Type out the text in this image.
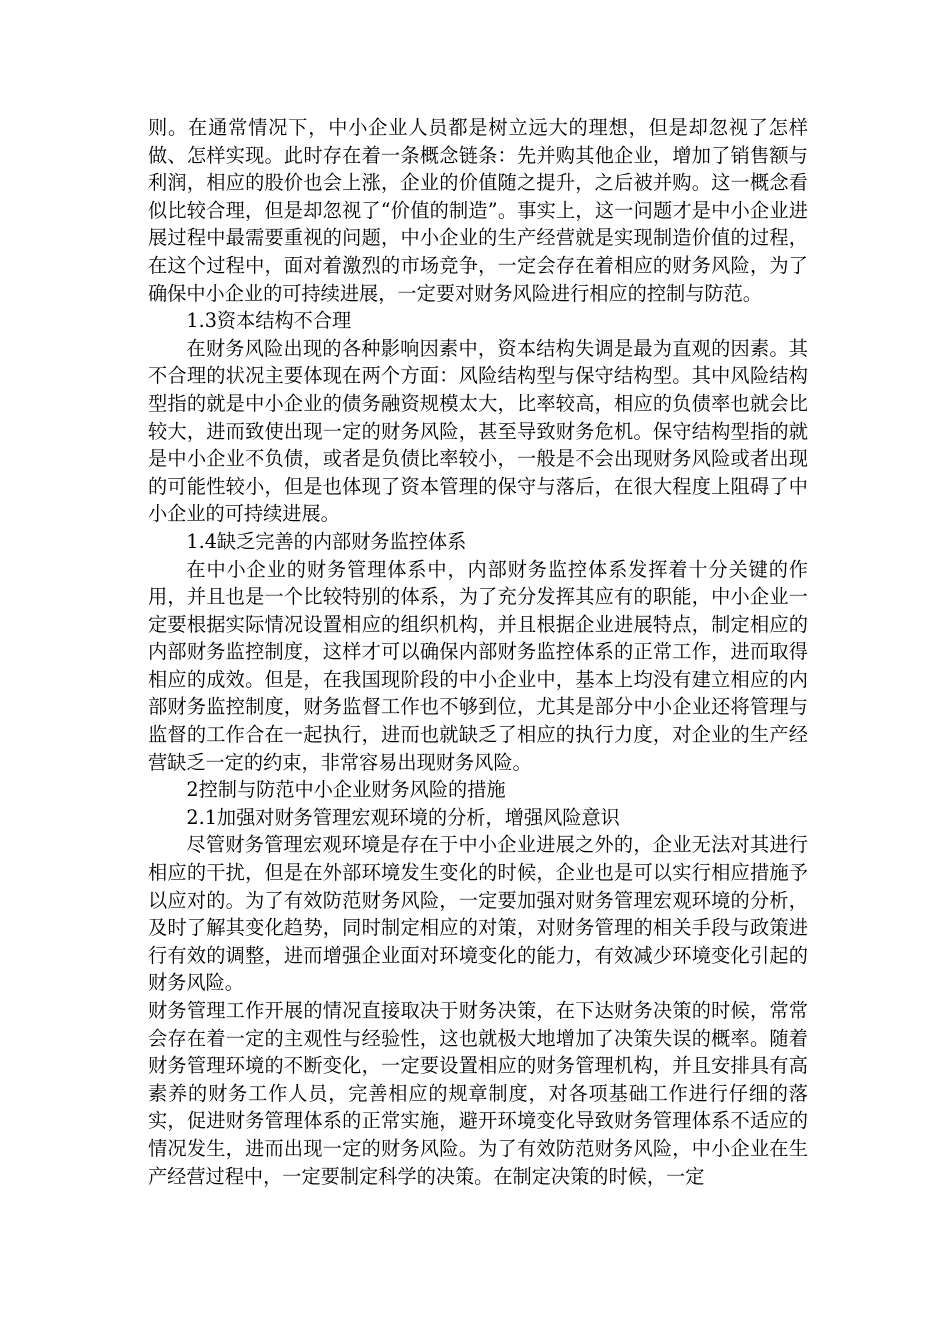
则。在通常情况下，中小企业人员都是树立远大的理想，但是却忽视了怎样做、怎样实现。此时存在着一条概念链条：先并购其他企业，增加了销售额与利润，相应的股价也会上涨，企业的价值随之提升，之后被并购。这一概念看似比较合理，但是却忽视了“价值的制造”。事实上，这一问题才是中小企业进展过程中最需要重视的问题，中小企业的生产经营就是实现制造价值的过程，在这个过程中，面对着激烈的市场竞争，一定会存在着相应的财务风险，为了确保中小企业的可持续进展，一定要对财务风险进行相应的控制与防范。

1.3资本结构不合理

在财务风险出现的各种影响因素中，资本结构失调是最为直观的因素。其不合理的状况主要体现在两个方面：风险结构型与保守结构型。其中风险结构型指的就是中小企业的债务融资规模太大，比率较高，相应的负债率也就会比较大，进而致使出现一定的财务风险，甚至导致财务危机。保守结构型指的就是中小企业不负债，或者是负债比率较小，一般是不会出现财务风险或者出现的可能性较小，但是也体现了资本管理的保守与落后，在很大程度上阻碍了中小企业的可持续进展。

1.4缺乏完善的内部财务监控体系

在中小企业的财务管理体系中，内部财务监控体系发挥着十分关键的作用，并且也是一个比较特别的体系，为了充分发挥其应有的职能，中小企业一定要根据实际情况设置相应的组织机构，并且根据企业进展特点，制定相应的内部财务监控制度，这样才可以确保内部财务监控体系的正常工作，进而取得相应的成效。但是，在我国现阶段的中小企业中，基本上均没有建立相应的内部财务监控制度，财务监督工作也不够到位，尤其是部分中小企业还将管理与监督的工作合在一起执行，进而也就缺乏了相应的执行力度，对企业的生产经营缺乏一定的约束，非常容易出现财务风险。

2控制与防范中小企业财务风险的措施

2.1加强对财务管理宏观环境的分析，增强风险意识

尽管财务管理宏观环境是存在于中小企业进展之外的，企业无法对其进行相应的干扰，但是在外部环境发生变化的时候，企业也是可以实行相应措施予以应对的。为了有效防范财务风险，一定要加强对财务管理宏观环境的分析，及时了解其变化趋势，同时制定相应的对策，对财务管理的相关手段与政策进行有效的调整，进而增强企业面对环境变化的能力，有效减少环境变化引起的财务风险。

财务管理工作开展的情况直接取决于财务决策，在下达财务决策的时候，常常会存在着一定的主观性与经验性，这也就极大地增加了决策失误的概率。随着财务管理环境的不断变化，一定要设置相应的财务管理机构，并且安排具有高素养的财务工作人员，完善相应的规章制度，对各项基础工作进行仔细的落实，促进财务管理体系的正常实施，避开环境变化导致财务管理体系不适应的情况发生，进而出现一定的财务风险。为了有效防范财务风险，中小企业在生产经营过程中，一定要制定科学的决策。在制定决策的时候，一定
